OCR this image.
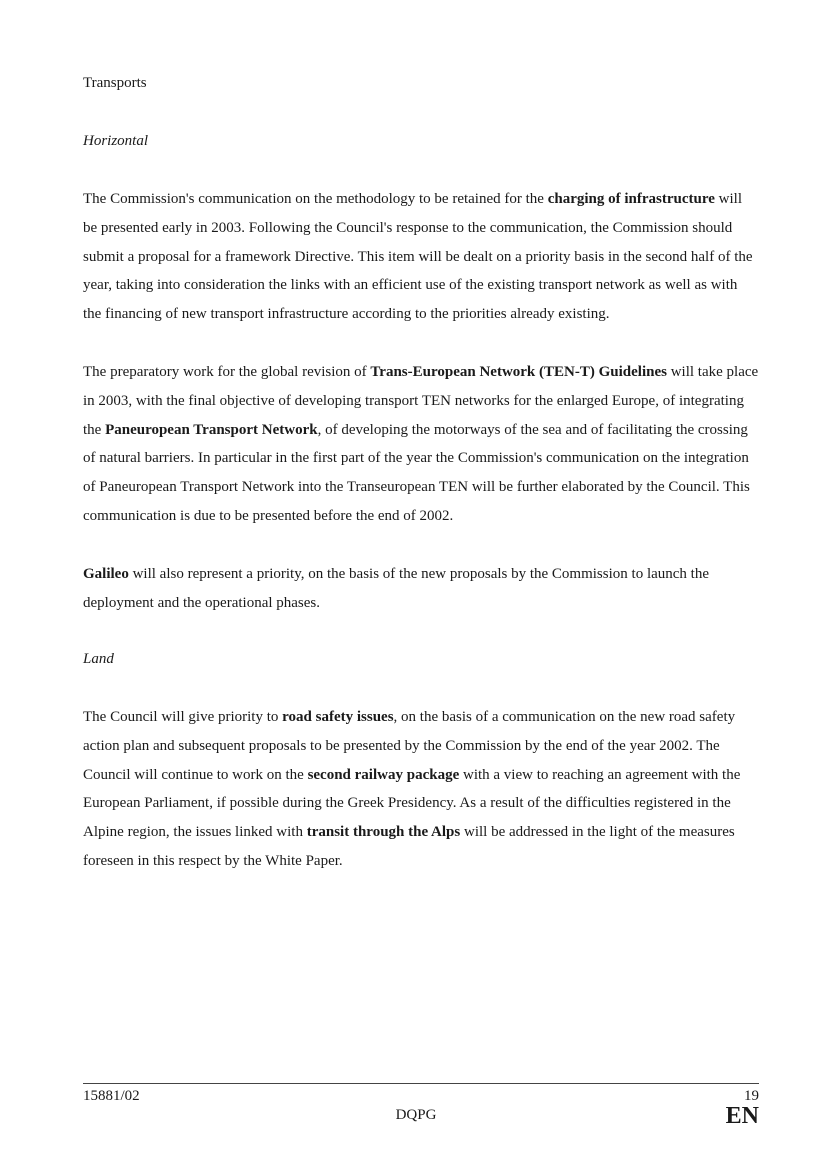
Transports
Horizontal

The Commission's communication on the methodology to be retained for the charging of infrastructure will be presented early in 2003. Following the Council's response to the communication, the Commission should submit a proposal for a framework Directive. This item will be dealt on a priority basis in the second half of the year, taking into consideration the links with an efficient use of the existing transport network as well as with the financing of new transport infrastructure according to the priorities already existing.

The preparatory work for the global revision of Trans-European Network (TEN-T) Guidelines will take place in 2003, with the final objective of developing transport TEN networks for the enlarged Europe, of integrating the Paneuropean Transport Network, of developing the motorways of the sea and of facilitating the crossing of natural barriers. In particular in the first part of the year the Commission's communication on the integration of Paneuropean Transport Network into the Transeuropean TEN will be further elaborated by the Council. This communication is due to be presented before the end of 2002.

Galileo will also represent a priority, on the basis of the new proposals by the Commission to launch the deployment and the operational phases.

Land

The Council will give priority to road safety issues, on the basis of a communication on the new road safety action plan and subsequent proposals to be presented by the Commission by the end of the year 2002. The Council will continue to work on the second railway package with a view to reaching an agreement with the European Parliament, if possible during the Greek Presidency. As a result of the difficulties registered in the Alpine region, the issues linked with transit through the Alps will be addressed in the light of the measures foreseen in this respect by the White Paper.

15881/02	19
DQPG	EN
